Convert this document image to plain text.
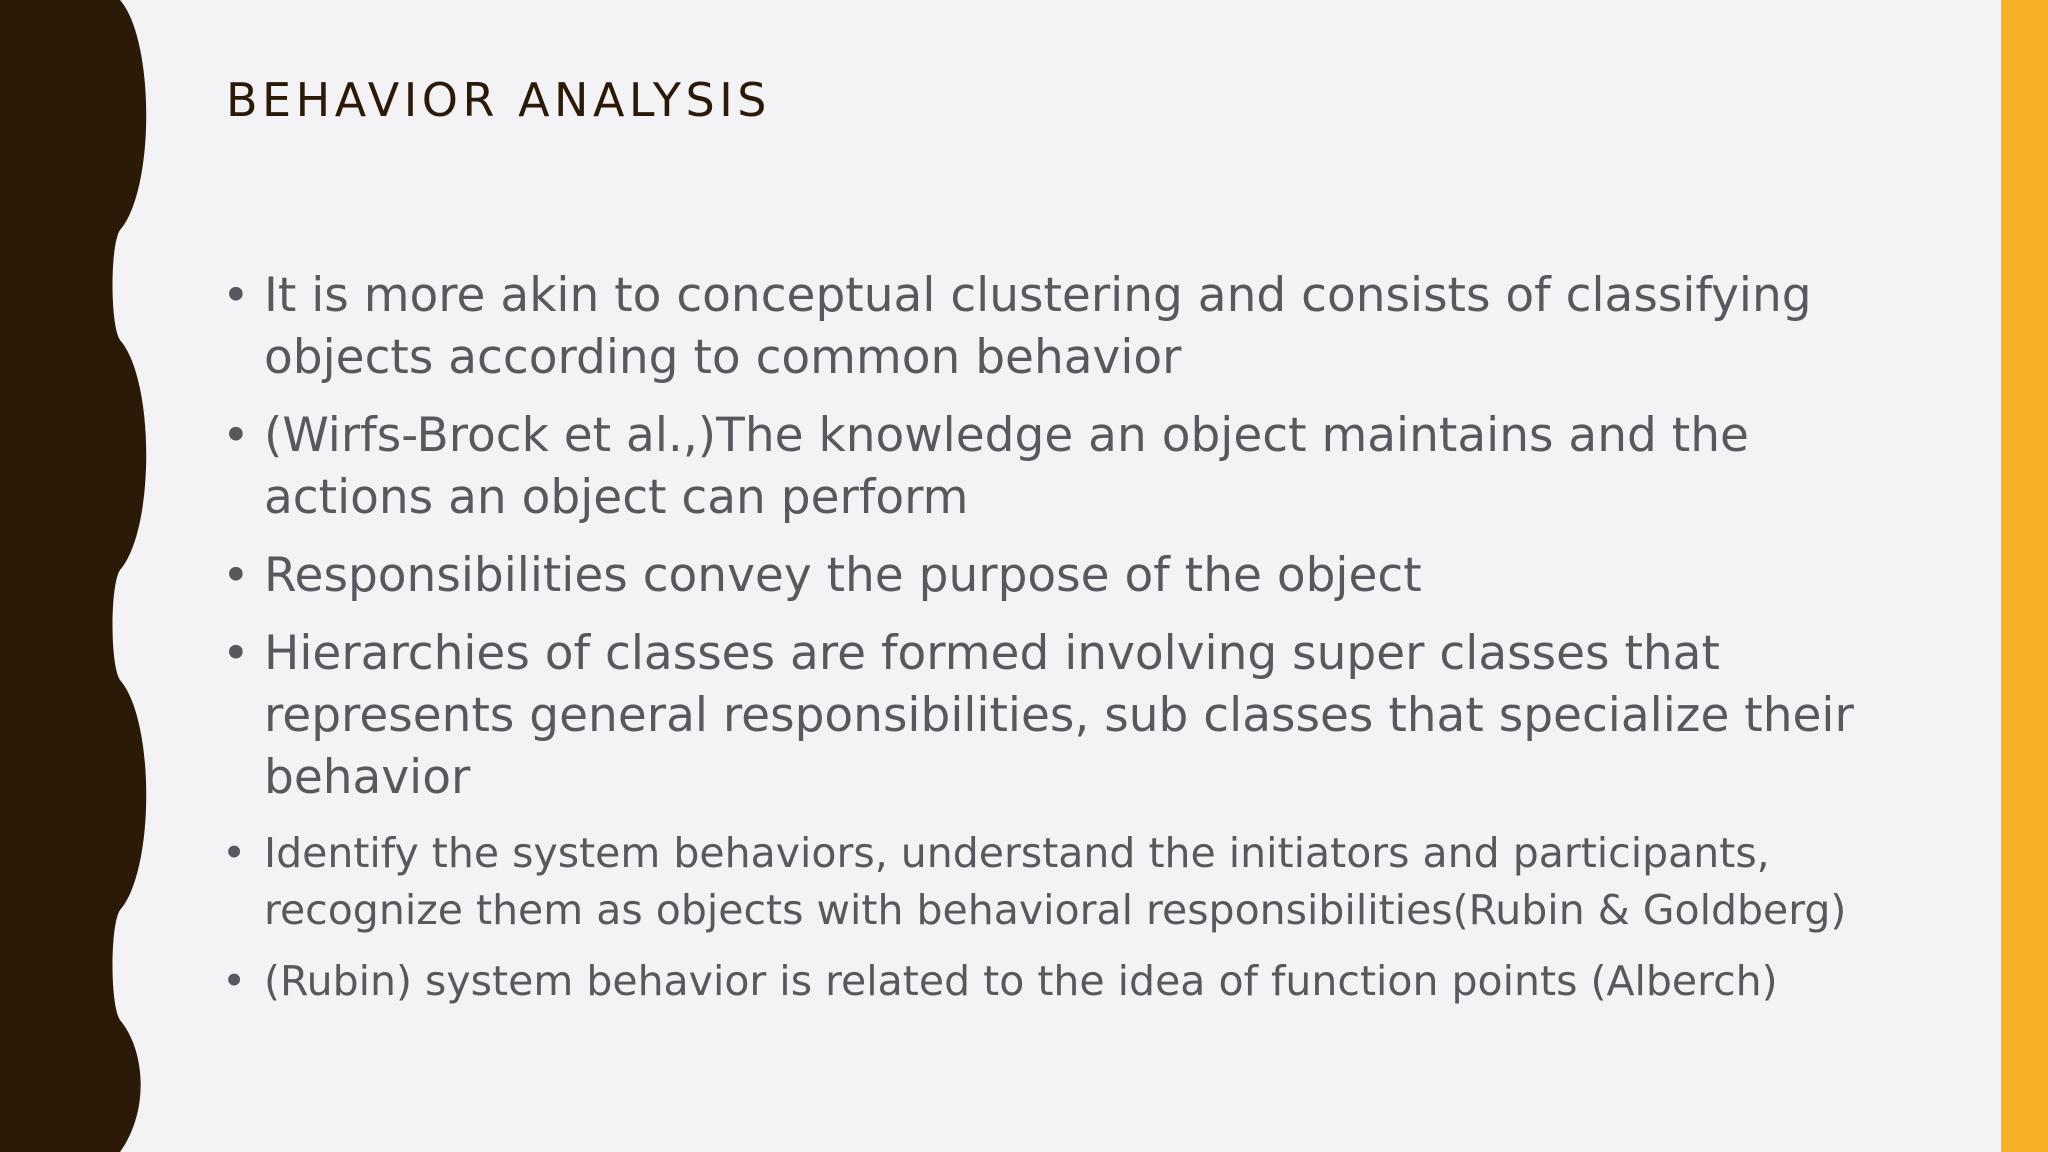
BEHAVIOR ANALYSIS
• It is more akin to conceptual clustering and consists of classifying objects according to common behavior
• (Wirfs-Brock et al.,)The knowledge an object maintains and the actions an object can perform
• Responsibilities convey the purpose of the object
• Hierarchies of classes are formed involving super classes that represents general responsibilities, sub classes that specialize their behavior
• Identify the system behaviors, understand the initiators and participants, recognize them as objects with behavioral responsibilities(Rubin & Goldberg)
• (Rubin) system behavior is related to the idea of function points (Alberch)
